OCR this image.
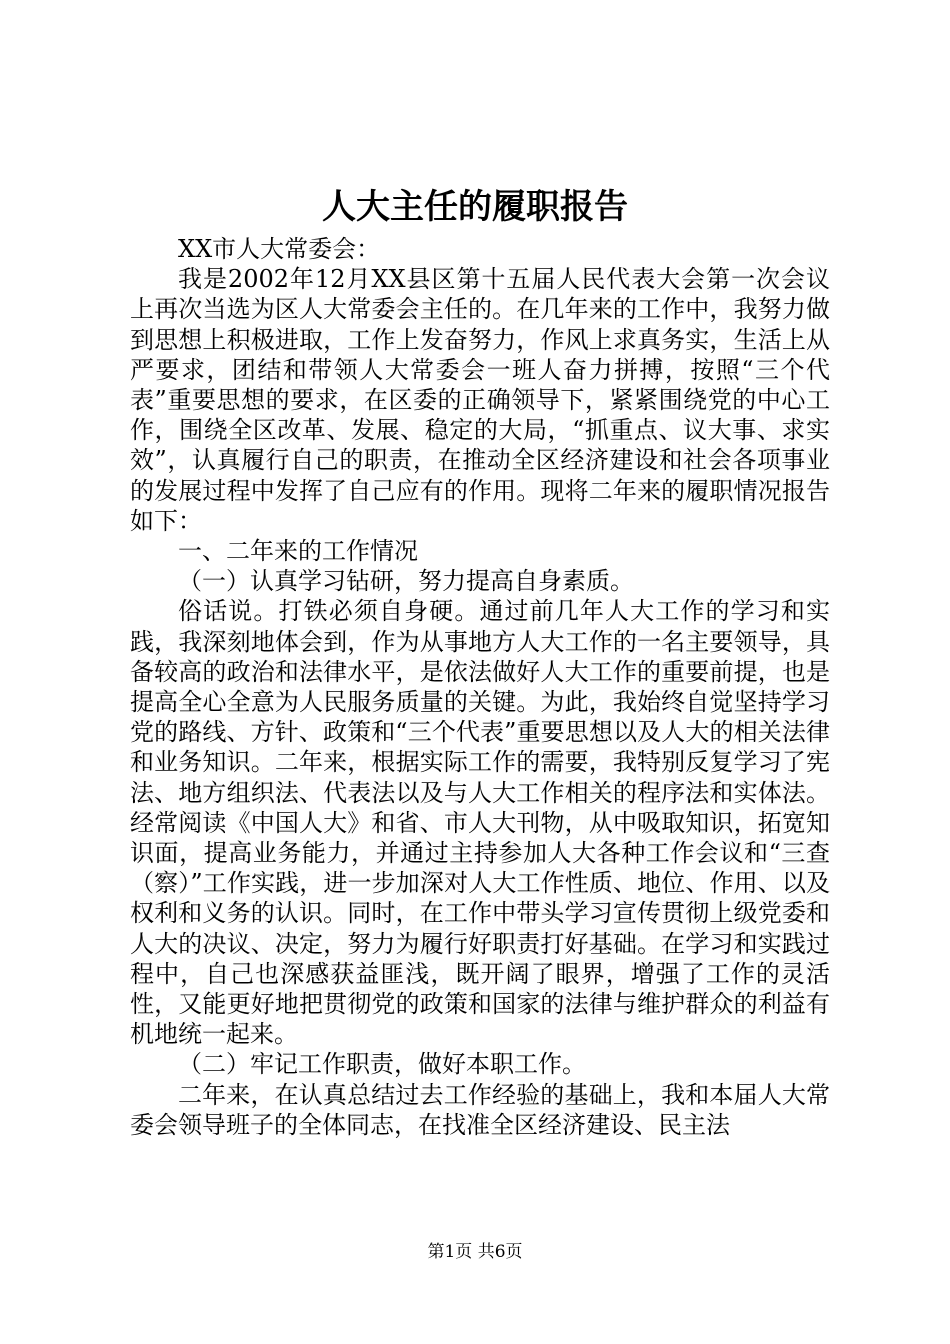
人大主任的履职报告

XX市人大常委会：

我是2002年12月XX县区第十五届人民代表大会第一次会议上再次当选为区人大常委会主任的。在几年来的工作中，我努力做到思想上积极进取，工作上发奋努力，作风上求真务实，生活上从严要求，团结和带领人大常委会一班人奋力拼搏，按照“三个代表”重要思想的要求，在区委的正确领导下，紧紧围绕党的中心工作，围绕全区改革、发展、稳定的大局，“抓重点、议大事、求实效”，认真履行自己的职责，在推动全区经济建设和社会各项事业的发展过程中发挥了自己应有的作用。现将二年来的履职情况报告如下：

一、二年来的工作情况

（一）认真学习钻研，努力提高自身素质。

俗话说。打铁必须自身硬。通过前几年人大工作的学习和实践，我深刻地体会到，作为从事地方人大工作的一名主要领导，具备较高的政治和法律水平，是依法做好人大工作的重要前提，也是提高全心全意为人民服务质量的关键。为此，我始终自觉坚持学习党的路线、方针、政策和“三个代表”重要思想以及人大的相关法律和业务知识。二年来，根据实际工作的需要，我特别反复学习了宪法、地方组织法、代表法以及与人大工作相关的程序法和实体法。经常阅读《中国人大》和省、市人大刊物，从中吸取知识，拓宽知识面，提高业务能力，并通过主持参加人大各种工作会议和“三查（察）”工作实践，进一步加深对人大工作性质、地位、作用、以及权利和义务的认识。同时，在工作中带头学习宣传贯彻上级党委和人大的决议、决定，努力为履行好职责打好基础。在学习和实践过程中，自己也深感获益匪浅，既开阔了眼界，增强了工作的灵活性，又能更好地把贯彻党的政策和国家的法律与维护群众的利益有机地统一起来。

（二）牢记工作职责，做好本职工作。

二年来，在认真总结过去工作经验的基础上，我和本届人大常委会领导班子的全体同志，在找准全区经济建设、民主法

第1页 共6页
